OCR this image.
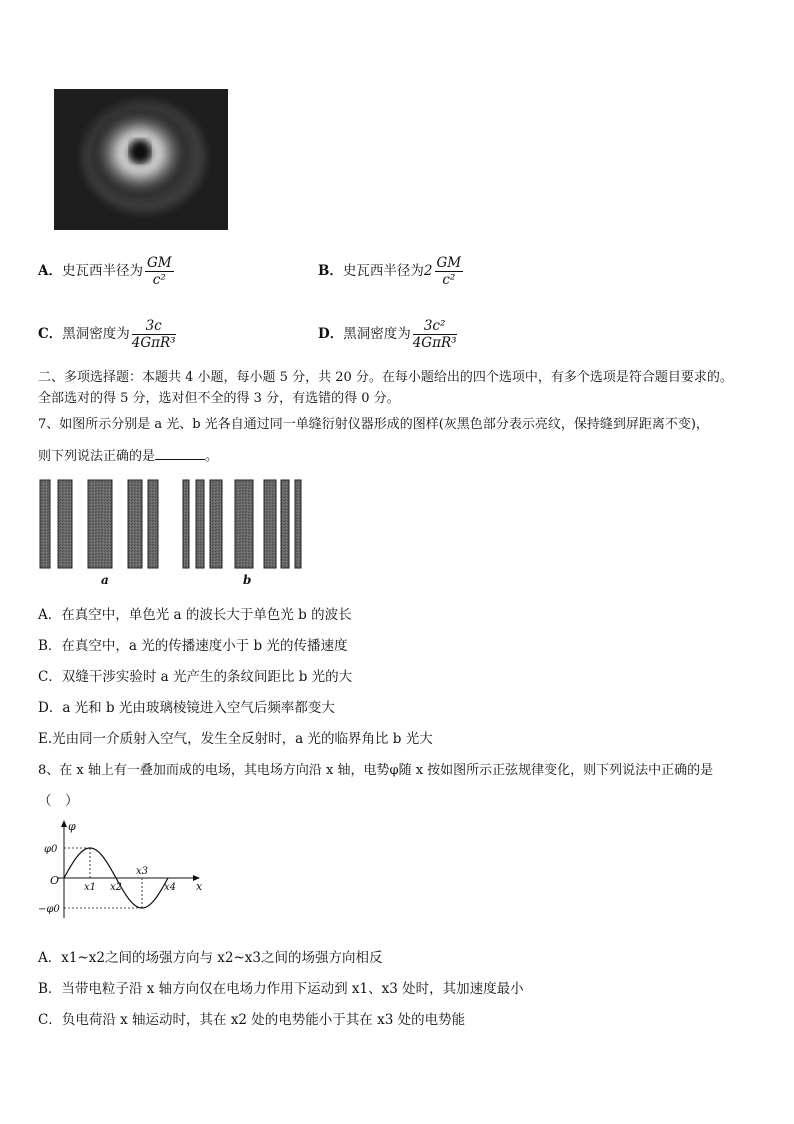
A．史瓦西半径为 $\frac{GM}{\text{c²}}$	B．史瓦西半径为$2 \frac{GM}{\text{c²}}$
C．黑洞密度为 $\frac{3c}{\text{4GπR³}}$	D．黑洞密度为 $\frac{\text{3c²}}{\text{4GπR³}}$
二、多项选择题：本题共 4 小题，每小题 5 分，共 20 分。在每小题给出的四个选项中，有多个选项是符合题目要求的。
全部选对的得 5 分，选对但不全的得 3 分，有选错的得 0 分。
7、如图所示分别是 a 光、b 光各自通过同一单缝衍射仪器形成的图样(灰黑色部分表示亮纹，保持缝到屏距离不变)，
则下列说法正确的是	。
a	b
A．在真空中，单色光 a 的波长大于单色光 b 的波长
B．在真空中，a 光的传播速度小于 b 光的传播速度
C．双缝干涉实验时 a 光产生的条纹间距比 b 光的大
D．a 光和 b 光由玻璃棱镜进入空气后频率都变大
E.光由同一介质射入空气，发生全反射时，a 光的临界角比 b 光大
8、在 x 轴上有一叠加而成的电场，其电场方向沿 x 轴，电势φ随 x 按如图所示正弦规律变化，则下列说法中正确的是
（　）
φ
x
O
φ0
−φ0
x1 x2
x3
x4
A．x1~x2之间的场强方向与 x2~x3之间的场强方向相反
B．当带电粒子沿 x 轴方向仅在电场力作用下运动到 x1、x3 处时，其加速度最小
C．负电荷沿 x 轴运动时，其在 x2 处的电势能小于其在 x3 处的电势能
